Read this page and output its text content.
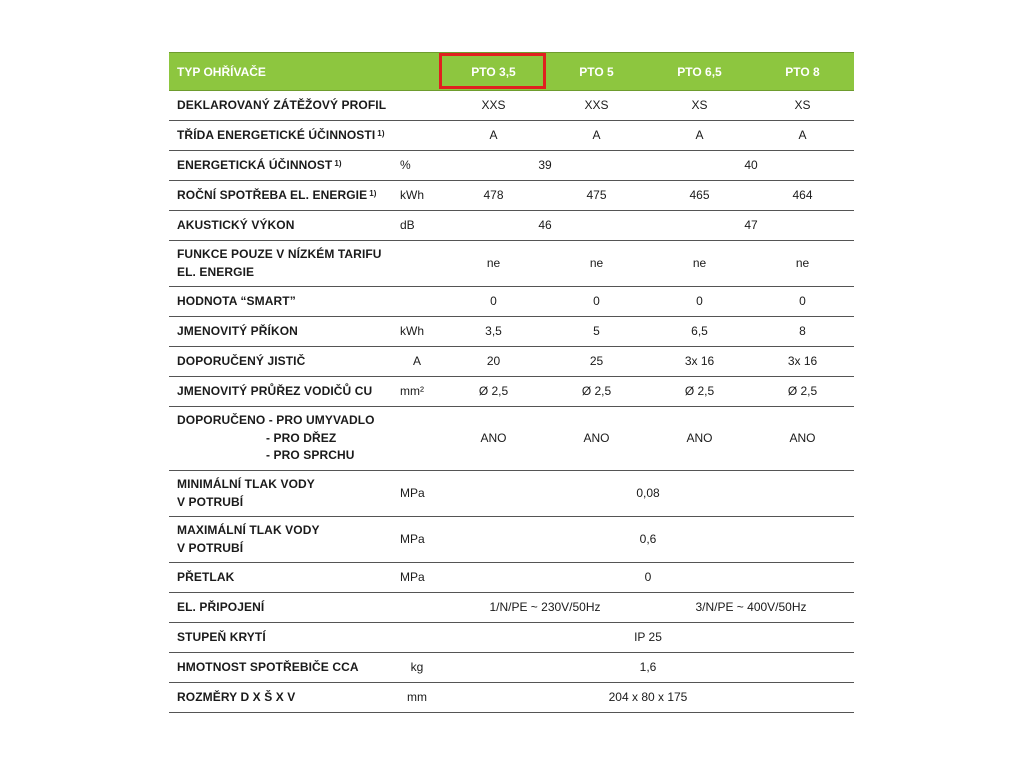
TYP OHŘÍVAČE		PTO 3,5	PTO 5	PTO 6,5	PTO 8
DEKLAROVANÝ ZÁTĚŽOVÝ PROFIL		XXS	XXS	XS	XS
TŘÍDA ENERGETICKÉ ÚČINNOSTI $^{1)}$		A	A	A	A
ENERGETICKÁ ÚČINNOST $^{1)}$	%	39		40	
ROČNÍ SPOTŘEBA EL. ENERGIE $^{1)}$	kWh	478	475	465	464
AKUSTICKÝ VÝKON	dB	46		47	

FUNKCE POUZE V NÍZKÉM TARIFU
EL. ENERGIE		ne	ne	ne	ne
HODNOTA “SMART”		0	0	0	0
JMENOVITÝ PŘÍKON	kWh	3,5	5	6,5	8
DOPORUČENÝ JISTIČ	A	20	25	3x 16	3x 16
JMENOVITÝ PRŮŘEZ VODIČŮ CU	mm²	Ø 2,5	Ø 2,5	Ø 2,5	Ø 2,5

DOPORUČENO - PRO UMYVADLO
- PRO DŘEZ
- PRO SPRCHU		ANO	ANO	ANO	ANO

MINIMÁLNÍ TLAK VODY
V POTRUBÍ	MPa	0,08			

MAXIMÁLNÍ TLAK VODY
V POTRUBÍ	MPa	0,6			
PŘETLAK	MPa	0			
EL. PŘIPOJENÍ		1/N/PE ~ 230V/50Hz		3/N/PE ~ 400V/50Hz	
STUPEŇ KRYTÍ		IP 25			
HMOTNOST SPOTŘEBIČE CCA	kg	1,6			
ROZMĚRY D X Š X V	mm	204 x 80 x 175			
